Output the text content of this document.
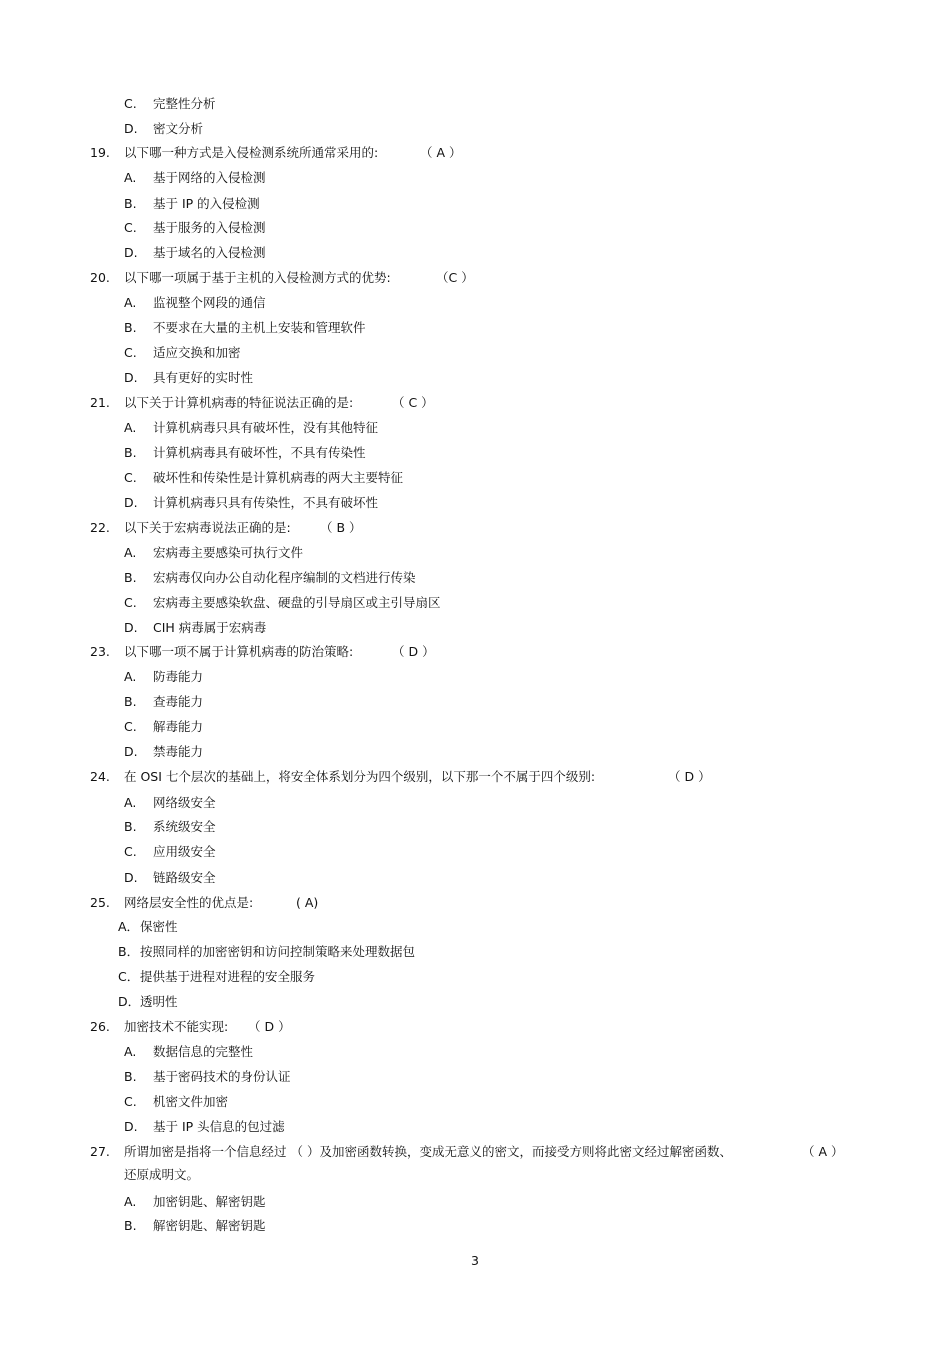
C. 完整性分析
D. 密文分析
19. 以下哪一种方式是入侵检测系统所通常采用的:	（ A ）
A. 基于网络的入侵检测
B. 基于 IP 的入侵检测
C. 基于服务的入侵检测
D. 基于域名的入侵检测
20. 以下哪一项属于基于主机的入侵检测方式的优势:	（C ）
A. 监视整个网段的通信
B. 不要求在大量的主机上安装和管理软件
C. 适应交换和加密
D. 具有更好的实时性
21. 以下关于计算机病毒的特征说法正确的是:	（ C ）
A. 计算机病毒只具有破坏性，没有其他特征
B. 计算机病毒具有破坏性，不具有传染性
C. 破坏性和传染性是计算机病毒的两大主要特征
D. 计算机病毒只具有传染性，不具有破坏性
22. 以下关于宏病毒说法正确的是: （ B ）
A. 宏病毒主要感染可执行文件
B. 宏病毒仅向办公自动化程序编制的文档进行传染
C. 宏病毒主要感染软盘、硬盘的引导扇区或主引导扇区
D. CIH 病毒属于宏病毒
23. 以下哪一项不属于计算机病毒的防治策略:	（ D ）
A. 防毒能力
B. 查毒能力
C. 解毒能力
D. 禁毒能力
24. 在 OSI 七个层次的基础上，将安全体系划分为四个级别，以下那一个不属于四个级别:	（ D ）
A. 网络级安全
B. 系统级安全
C. 应用级安全
D. 链路级安全
25. 网络层安全性的优点是:	( A)
A． 保密性
B． 按照同样的加密密钥和访问控制策略来处理数据包
C． 提供基于进程对进程的安全服务
D． 透明性
26. 加密技术不能实现: （ D ）
A. 数据信息的完整性
B. 基于密码技术的身份认证
C. 机密文件加密
D. 基于 IP 头信息的包过滤
27. 所谓加密是指将一个信息经过 （ ）及加密函数转换，变成无意义的密文，而接受方则将此密文经过解密函数、	（ A ）
还原成明文。
A. 加密钥匙、解密钥匙
B. 解密钥匙、解密钥匙
3
